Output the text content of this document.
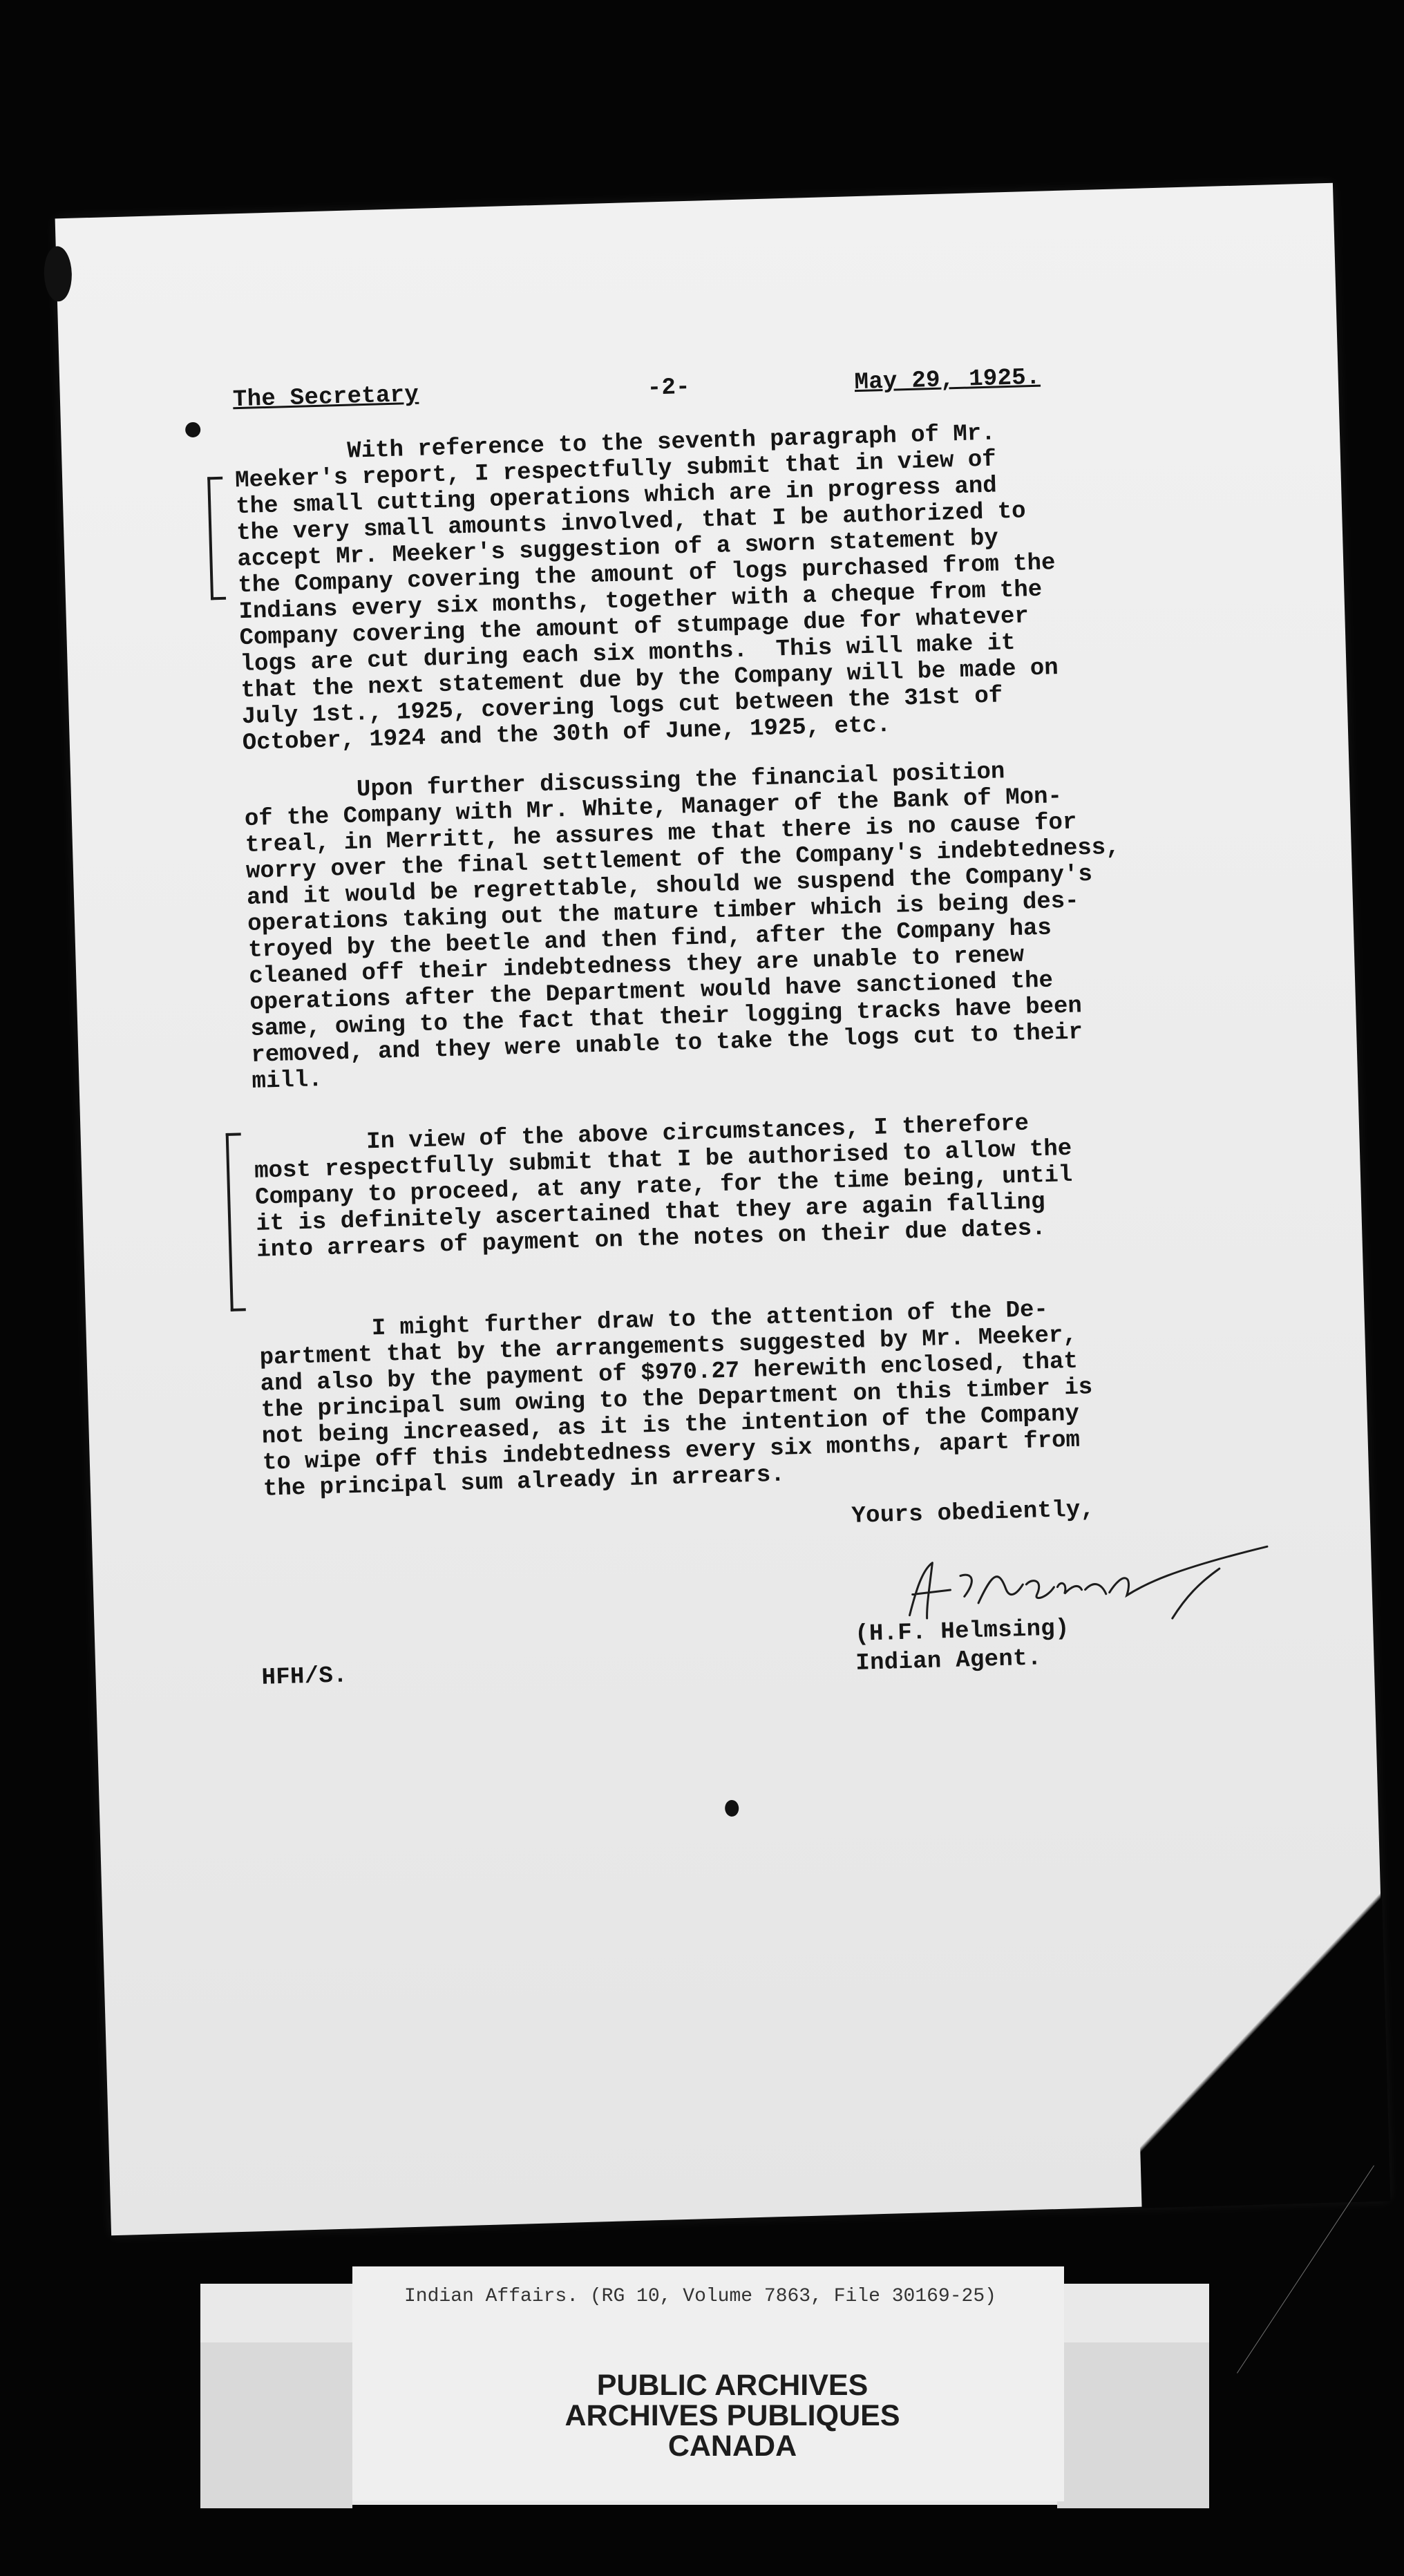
The Secretary	-2-	May 29, 1925.
With reference to the seventh paragraph of Mr.
Meeker's report, I respectfully submit that in view of
the small cutting operations which are in progress and
the very small amounts involved, that I be authorized to
accept Mr. Meeker's suggestion of a sworn statement by
the Company covering the amount of logs purchased from the
Indians every six months, together with a cheque from the
Company covering the amount of stumpage due for whatever
logs are cut during each six months.  This will make it
that the next statement due by the Company will be made on
July 1st., 1925, covering logs cut between the 31st of
October, 1924 and the 30th of June, 1925, etc.
Upon further discussing the financial position
of the Company with Mr. White, Manager of the Bank of Mon-
treal, in Merritt, he assures me that there is no cause for
worry over the final settlement of the Company's indebtedness,
and it would be regrettable, should we suspend the Company's
operations taking out the mature timber which is being des-
troyed by the beetle and then find, after the Company has
cleaned off their indebtedness they are unable to renew
operations after the Department would have sanctioned the
same, owing to the fact that their logging tracks have been
removed, and they were unable to take the logs cut to their
mill.
In view of the above circumstances, I therefore
most respectfully submit that I be authorised to allow the
Company to proceed, at any rate, for the time being, until
it is definitely ascertained that they are again falling
into arrears of payment on the notes on their due dates.
I might further draw to the attention of the De-
partment that by the arrangements suggested by Mr. Meeker,
and also by the payment of $970.27 herewith enclosed, that
the principal sum owing to the Department on this timber is
not being increased, as it is the intention of the Company
to wipe off this indebtedness every six months, apart from
the principal sum already in arrears.
Yours obediently,
(H.F. Helmsing)
Indian Agent.
HFH/S.
Indian Affairs. (RG 10, Volume 7863, File 30169-25)
PUBLIC ARCHIVES
ARCHIVES PUBLIQUES
CANADA
